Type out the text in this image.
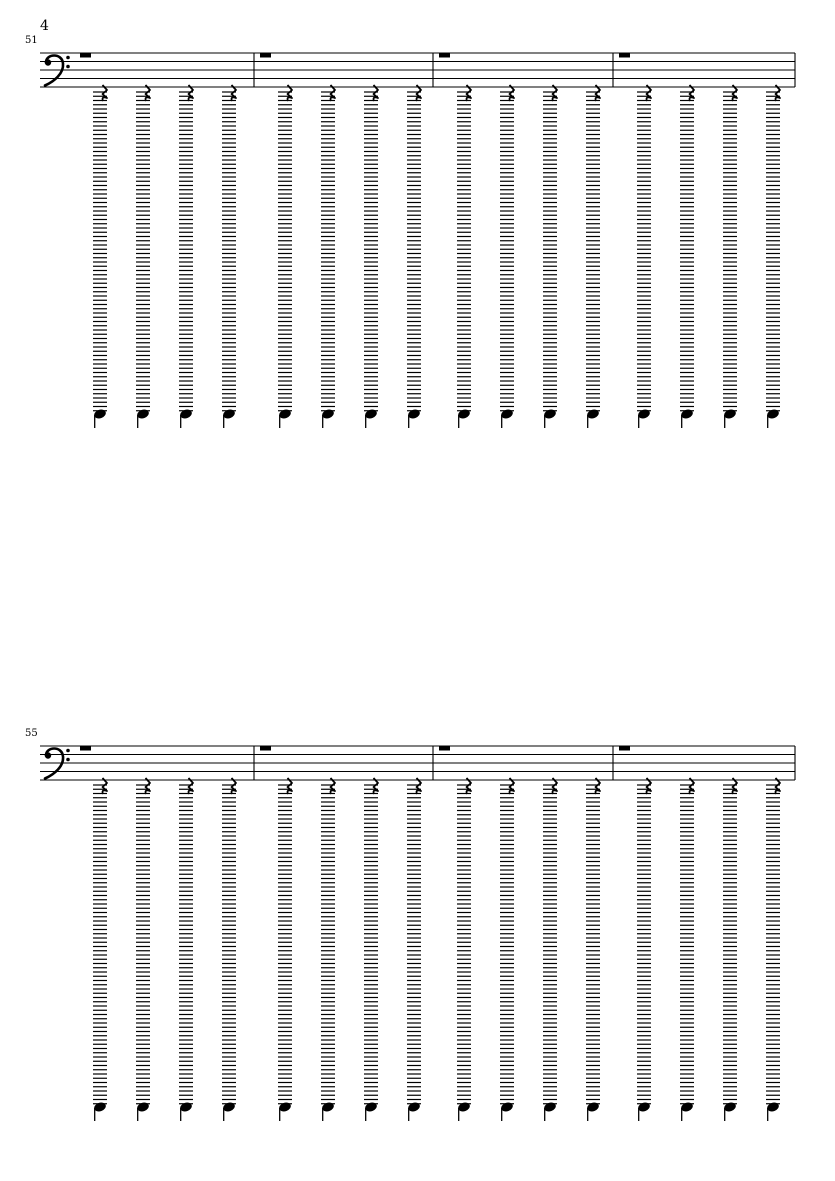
4
51
55
